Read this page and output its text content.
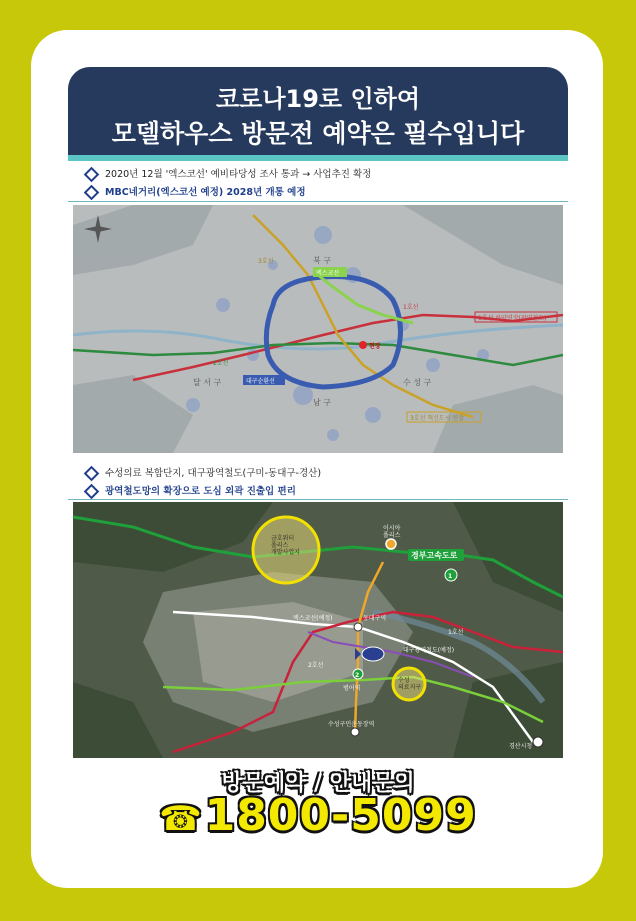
코로나19로 인하여
모델하우스 방문전 예약은 필수입니다
2020년 12월 '엑스코선' 예비타당성 조사 통과 → 사업추진 확정
MBC네거리(엑스코선 예정) 2028년 개통 예정
엑스코선
현장
대구순환선
1호선 하양연장(광역철도)
3호선 혁신도시 연장
3호선
1호선
2호선
북 구
수 성 구
달 서 구
남 구
수성의료 복합단지, 대구광역철도(구미-동대구-경산)
광역철도망의 확장으로 도심 외곽 진출입 편리
금호워터 폴리스 개발사업지
이시아 폴리스
경부고속도로
1
엑스코선(예정)	동대구역
1호선
대구광역철도(예정)
2호선
2
범어역
수성구민운동장역
수성 의료지구
경산시청
방문예약 / 안내문의
☎1800-5099
